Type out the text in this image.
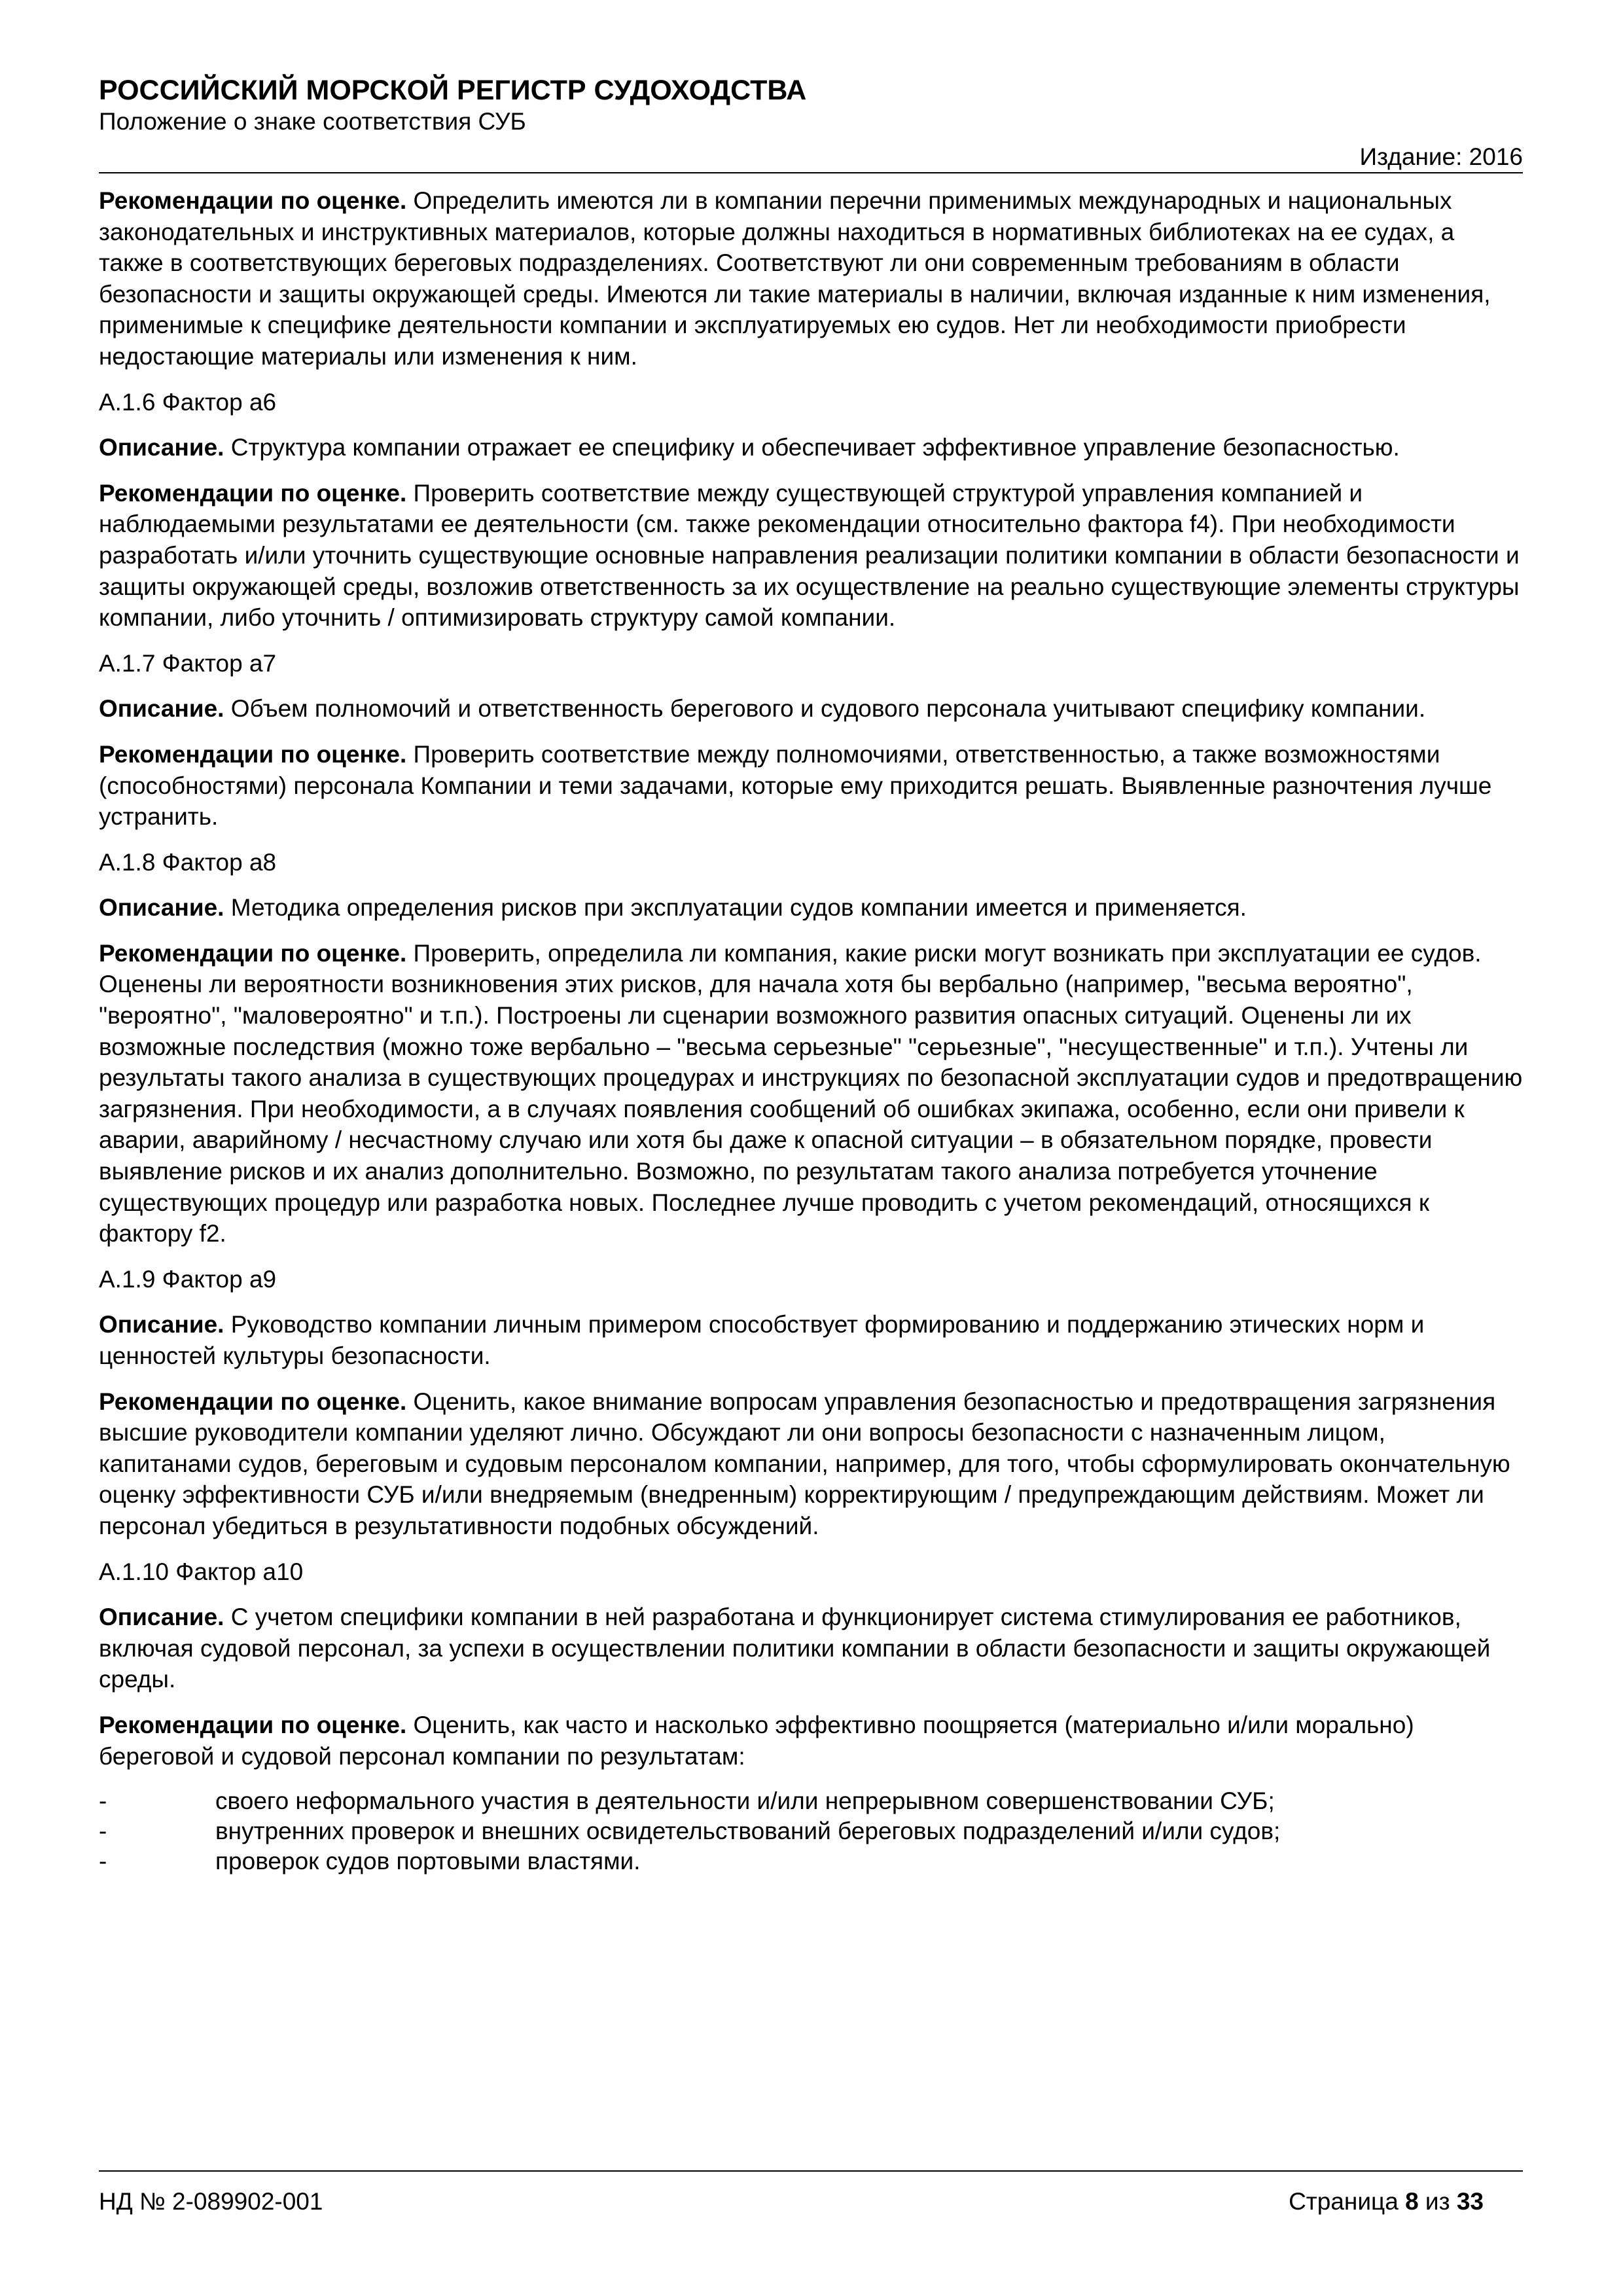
РОССИЙСКИЙ МОРСКОЙ РЕГИСТР СУДОХОДСТВА

Положение о знаке соответствия СУБ

Издание: 2016

Рекомендации по оценке. Определить имеются ли в компании перечни применимых международных и национальных законодательных и инструктивных материалов, которые должны находиться в нормативных библиотеках на ее судах, а также в соответствующих береговых подразделениях. Соответствуют ли они современным требованиям в области безопасности и защиты окружающей среды. Имеются ли такие материалы в наличии, включая изданные к ним изменения, применимые к специфике деятельности компании и эксплуатируемых ею судов. Нет ли необходимости приобрести недостающие материалы или изменения к ним.

А.1.6 Фактор а6

Описание. Структура компании отражает ее специфику и обеспечивает эффективное управление безопасностью.

Рекомендации по оценке. Проверить соответствие между существующей структурой управления компанией и наблюдаемыми результатами ее деятельности (см. также рекомендации относительно фактора f4). При необходимости разработать и/или уточнить существующие основные направления реализации политики компании в области безопасности и защиты окружающей среды, возложив ответственность за их осуществление на реально существующие элементы структуры компании, либо уточнить / оптимизировать структуру самой компании.

А.1.7 Фактор а7

Описание. Объем полномочий и ответственность берегового и судового персонала учитывают специфику компании.

Рекомендации по оценке. Проверить соответствие между полномочиями, ответственностью, а также возможностями (способностями) персонала Компании и теми задачами, которые ему приходится решать. Выявленные разночтения лучше устранить.

А.1.8 Фактор а8

Описание. Методика определения рисков при эксплуатации судов компании имеется и применяется.

Рекомендации по оценке. Проверить, определила ли компания, какие риски могут возникать при эксплуатации ее судов. Оценены ли вероятности возникновения этих рисков, для начала хотя бы вербально (например, "весьма вероятно", "вероятно", "маловероятно" и т.п.). Построены ли сценарии возможного развития опасных ситуаций. Оценены ли их возможные последствия (можно тоже вербально – "весьма серьезные" "серьезные", "несущественные" и т.п.). Учтены ли результаты такого анализа в существующих процедурах и инструкциях по безопасной эксплуатации судов и предотвращению загрязнения. При необходимости, а в случаях появления сообщений об ошибках экипажа, особенно, если они привели к аварии, аварийному / несчастному случаю или хотя бы даже к опасной ситуации – в обязательном порядке, провести выявление рисков и их анализ дополнительно. Возможно, по результатам такого анализа потребуется уточнение существующих процедур или разработка новых. Последнее лучше проводить с учетом рекомендаций, относящихся к фактору f2.

А.1.9 Фактор а9

Описание. Руководство компании личным примером способствует формированию и поддержанию этических норм и ценностей культуры безопасности.

Рекомендации по оценке. Оценить, какое внимание вопросам управления безопасностью и предотвращения загрязнения высшие руководители компании уделяют лично. Обсуждают ли они вопросы безопасности с назначенным лицом, капитанами судов, береговым и судовым персоналом компании, например, для того, чтобы сформулировать окончательную оценку эффективности СУБ и/или внедряемым (внедренным) корректирующим / предупреждающим действиям. Может ли персонал убедиться в результативности подобных обсуждений.

А.1.10 Фактор а10

Описание. С учетом специфики компании в ней разработана и функционирует система стимулирования ее работников, включая судовой персонал, за успехи в осуществлении политики компании в области безопасности и защиты окружающей среды.

Рекомендации по оценке. Оценить, как часто и насколько эффективно поощряется (материально и/или морально) береговой и судовой персонал компании по результатам:

-	своего неформального участия в деятельности и/или непрерывном совершенствовании СУБ;
-	внутренних проверок и внешних освидетельствований береговых подразделений и/или судов;
-	проверок судов портовыми властями.
НД № 2-089902-001	Страница 8 из 33
